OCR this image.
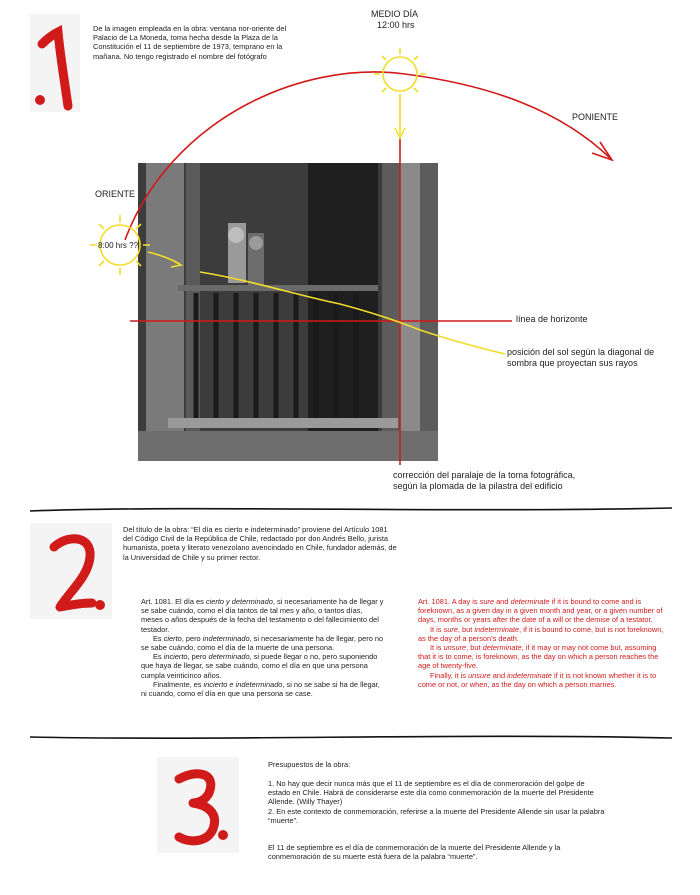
De la imagen empleada en la obra: ventana nor-oriente del Palacio de La Moneda, toma hecha desde la Plaza de la Constitución el 11 de septiembre de 1973, temprano en la mañana. No tengo registrado el nombre del fotógrafo
MEDIO DÍA
12:00 hrs
PONIENTE
ORIENTE
8:00 hrs ??
línea de horizonte
posición del sol según la diagonal de sombra que proyectan sus rayos
corrección del paralaje de la toma fotográfica,
según la plomada de la pilastra del edificio
Del título de la obra: “El día es cierto e indeterminado” proviene del Artículo 1081 del Código Civil de la República de Chile, redactado por don Andrés Bello, jurista humanista, poeta y literato venezolano avencindado en Chile, fundador además, de la Universidad de Chile y su primer rector.

Art. 1081. El día es cierto y determinado, si necesariamente ha de llegar y se sabe cuándo, como el día tantos de tal mes y año, o tantos días, meses o años después de la fecha del testamento o del fallecimiento del testador.

Es cierto, pero indeterminado, si necesariamente ha de llegar, pero no se sabe cuándo, como el día de la muerte de una persona.

Es incierto, pero determinado, si puede llegar o no, pero suponiendo que haya de llegar, se sabe cuándo, como el día en que una persona cumpla veinticinco años.

Finalmente, es incierto e indeterminado, si no se sabe si ha de llegar, ni cuando, como el día en que una persona se case.

Art. 1081. A day is sure and determinate if it is bound to come and is foreknown, as a given day in a given month and year, or a given number of days, months or years after the date of a will or the demise of a testator.

It is sure, but indeterminate, if it is bound to come, but is not foreknown, as the day of a person’s death.

It is unsure, but determinate, if it may or may not come but, assuming that it is to come, is foreknown, as the day on which a person reaches the age of twenty-five.

Finally, it is unsure and indeterminate if it is not known whether it is to come or not, or when, as the day on which a person marries.

Presupuestos de la obra:
1. No hay que decir nunca más que el 11 de septiembre es el día de conmeroración del golpe de estado en Chile. Habrá de considerarse este día como conmemoración de la muerte del Presidente Allende. (Willy Thayer)
2. En este contexto de conmemoración, referirse a la muerte del Presidente Allende sin usar la palabra “muerte”.
El 11 de septiembre es el día de conmemoración de la muerte del Presidente Allende y la conmemoración de su muerte está fuera de la palabra “muerte”.
